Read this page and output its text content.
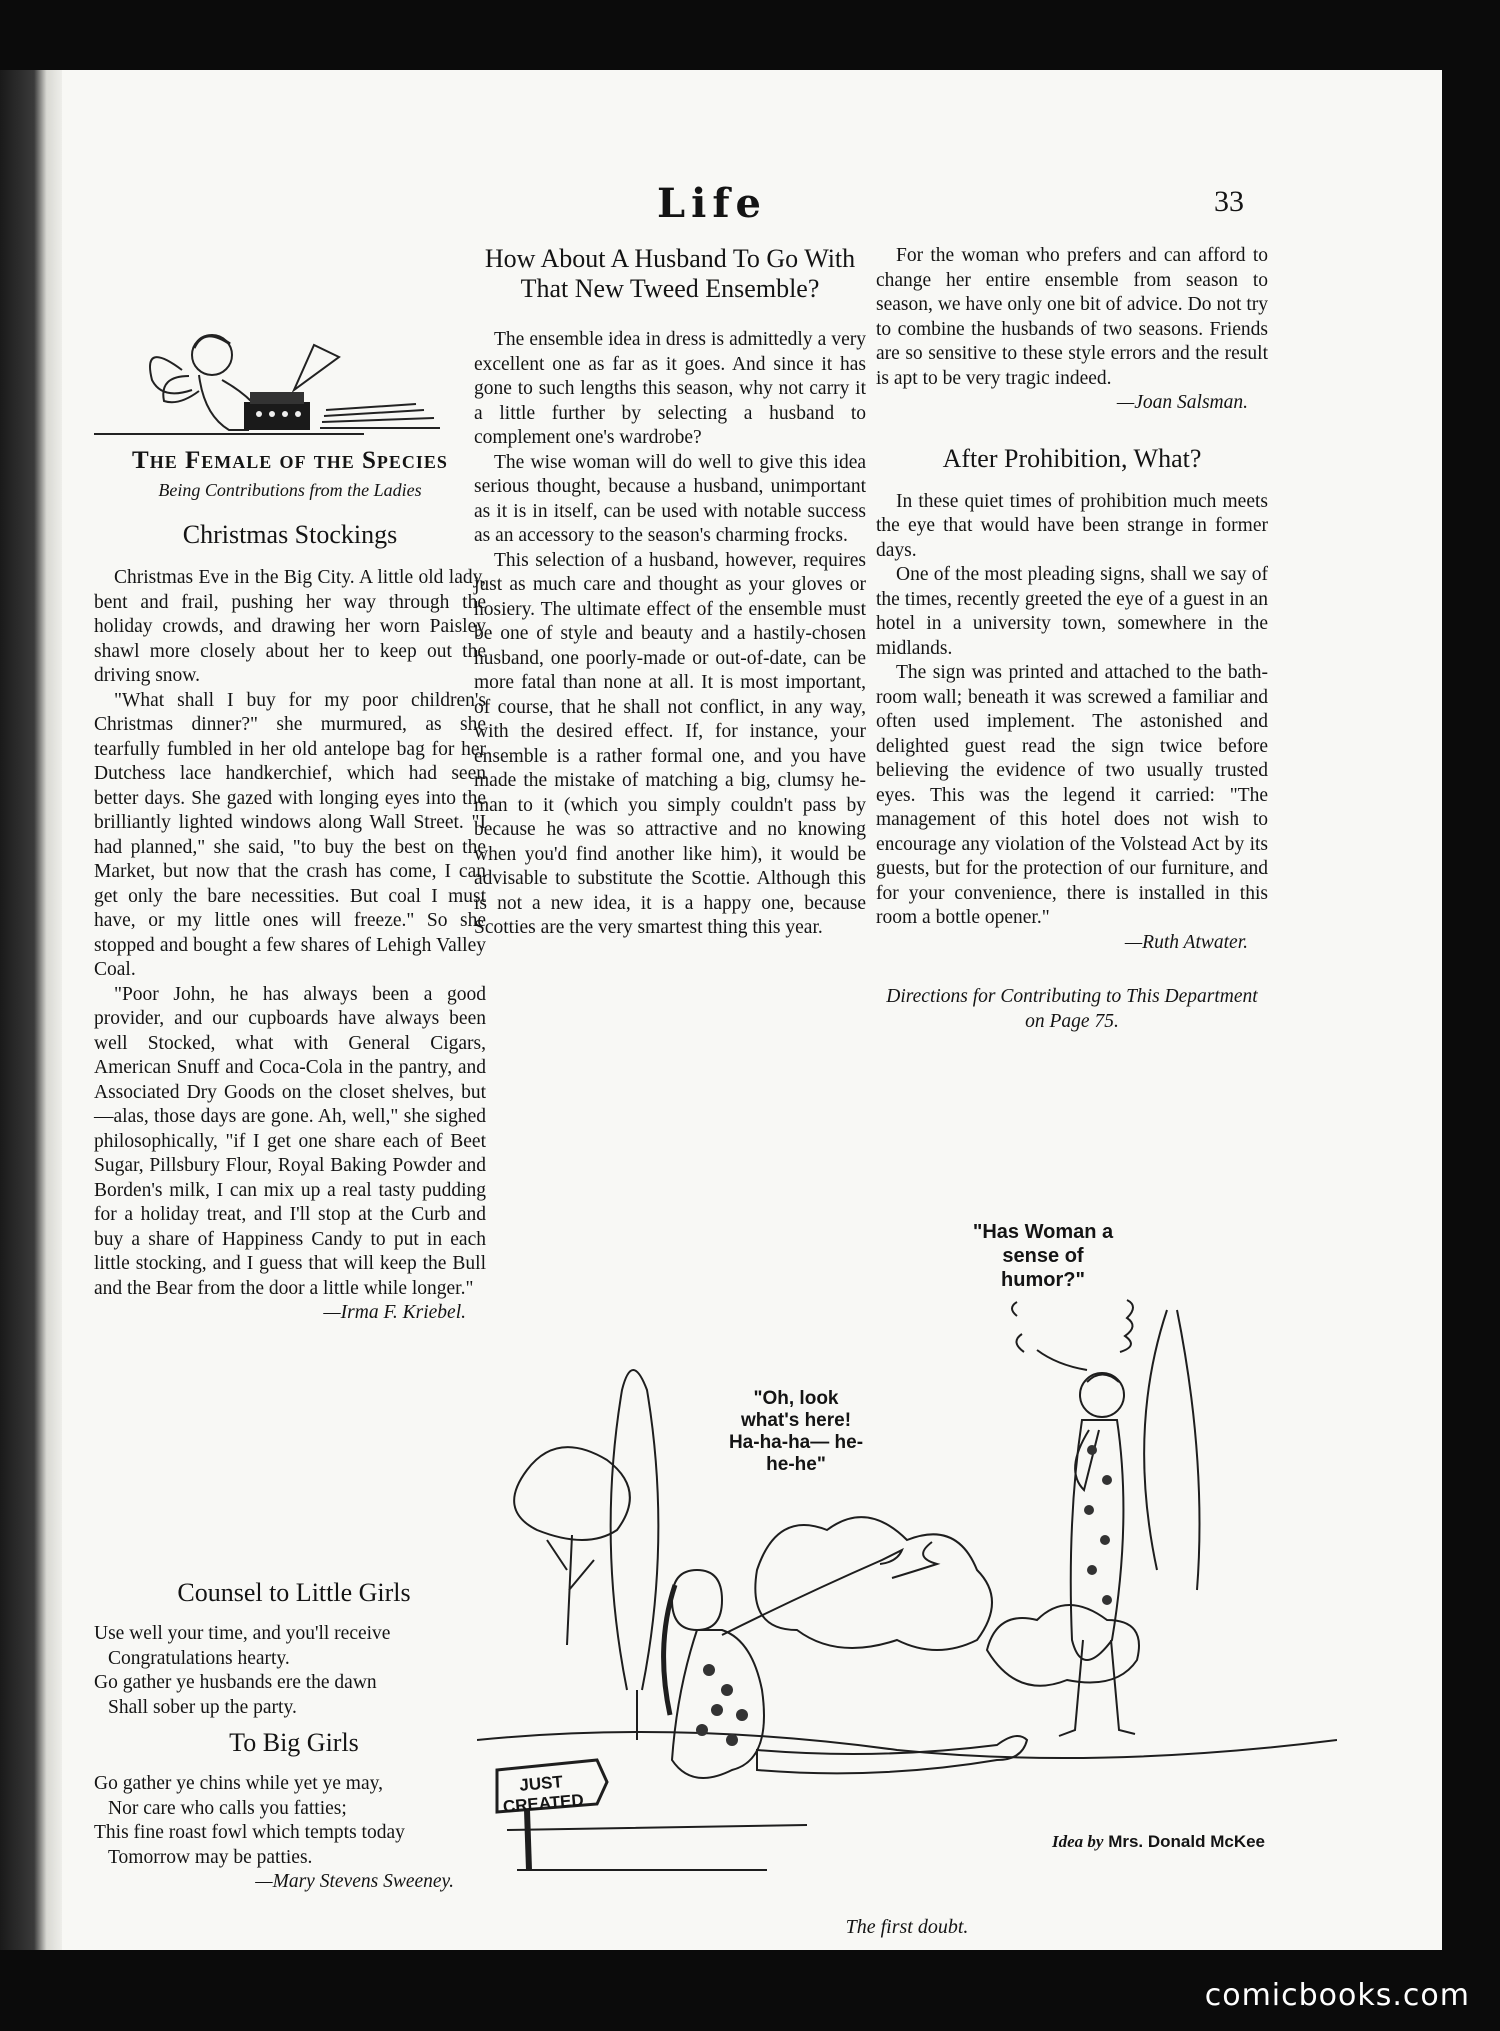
Life	33
The Female of the Species
Being Contributions from the Ladies
Christmas Stockings

Christmas Eve in the Big City. A little old lady, bent and frail, pushing her way through the holiday crowds, and drawing her worn Paisley shawl more closely about her to keep out the driving snow.

"What shall I buy for my poor children's Christmas dinner?" she murmured, as she tearfully fumbled in her old antelope bag for her Dutchess lace handkerchief, which had seen better days. She gazed with longing eyes into the brilliantly lighted windows along Wall Street. "I had planned," she said, "to buy the best on the Market, but now that the crash has come, I can get only the bare necessities. But coal I must have, or my little ones will freeze." So she stopped and bought a few shares of Lehigh Valley Coal.

"Poor John, he has always been a good provider, and our cupboards have always been well Stocked, what with General Cigars, American Snuff and Coca-Cola in the pantry, and Associated Dry Goods on the closet shelves, but—alas, those days are gone. Ah, well," she sighed philosophically, "if I get one share each of Beet Sugar, Pillsbury Flour, Royal Baking Powder and Borden's milk, I can mix up a real tasty pudding for a holiday treat, and I'll stop at the Curb and buy a share of Happiness Candy to put in each little stocking, and I guess that will keep the Bull and the Bear from the door a little while longer."

—Irma F. Kriebel.
Counsel to Little Girls
Use well your time, and you'll receive
Congratulations hearty.
Go gather ye husbands ere the dawn
Shall sober up the party.
To Big Girls
Go gather ye chins while yet ye may,
Nor care who calls you fatties;
This fine roast fowl which tempts today
Tomorrow may be patties.
—Mary Stevens Sweeney.
How About A Husband To Go With That New Tweed Ensemble?

The ensemble idea in dress is admittedly a very excellent one as far as it goes. And since it has gone to such lengths this season, why not carry it a little further by selecting a husband to complement one's wardrobe?

The wise woman will do well to give this idea serious thought, because a husband, unimportant as it is in itself, can be used with notable success as an accessory to the season's charming frocks.

This selection of a husband, however, requires just as much care and thought as your gloves or hosiery. The ultimate effect of the ensemble must be one of style and beauty and a hastily-chosen husband, one poorly-made or out-of-date, can be more fatal than none at all. It is most important, of course, that he shall not conflict, in any way, with the desired effect. If, for instance, your ensemble is a rather formal one, and you have made the mistake of matching a big, clumsy he-man to it (which you simply couldn't pass by because he was so attractive and no knowing when you'd find another like him), it would be advisable to substitute the Scottie. Although this is not a new idea, it is a happy one, because Scotties are the very smartest thing this year.

For the woman who prefers and can afford to change her entire ensemble from season to season, we have only one bit of advice. Do not try to combine the husbands of two seasons. Friends are so sensitive to these style errors and the result is apt to be very tragic indeed.

—Joan Salsman.
After Prohibition, What?

In these quiet times of prohibition much meets the eye that would have been strange in former days.

One of the most pleading signs, shall we say of the times, recently greeted the eye of a guest in an hotel in a university town, somewhere in the midlands.

The sign was printed and attached to the bath-room wall; beneath it was screwed a familiar and often used implement. The astonished and delighted guest read the sign twice before believing the evidence of two usually trusted eyes. This was the legend it carried: "The management of this hotel does not wish to encourage any violation of the Volstead Act by its guests, but for the protection of our furniture, and for your convenience, there is installed in this room a bottle opener."

—Ruth Atwater.
Directions for Contributing to This Department on Page 75.
JUST CREATED
"Oh, look what's here! Ha-ha-ha— he-he-he"
"Has Woman a sense of humor?"
Idea by Mrs. Donald McKee
The first doubt.
comicbooks.com
